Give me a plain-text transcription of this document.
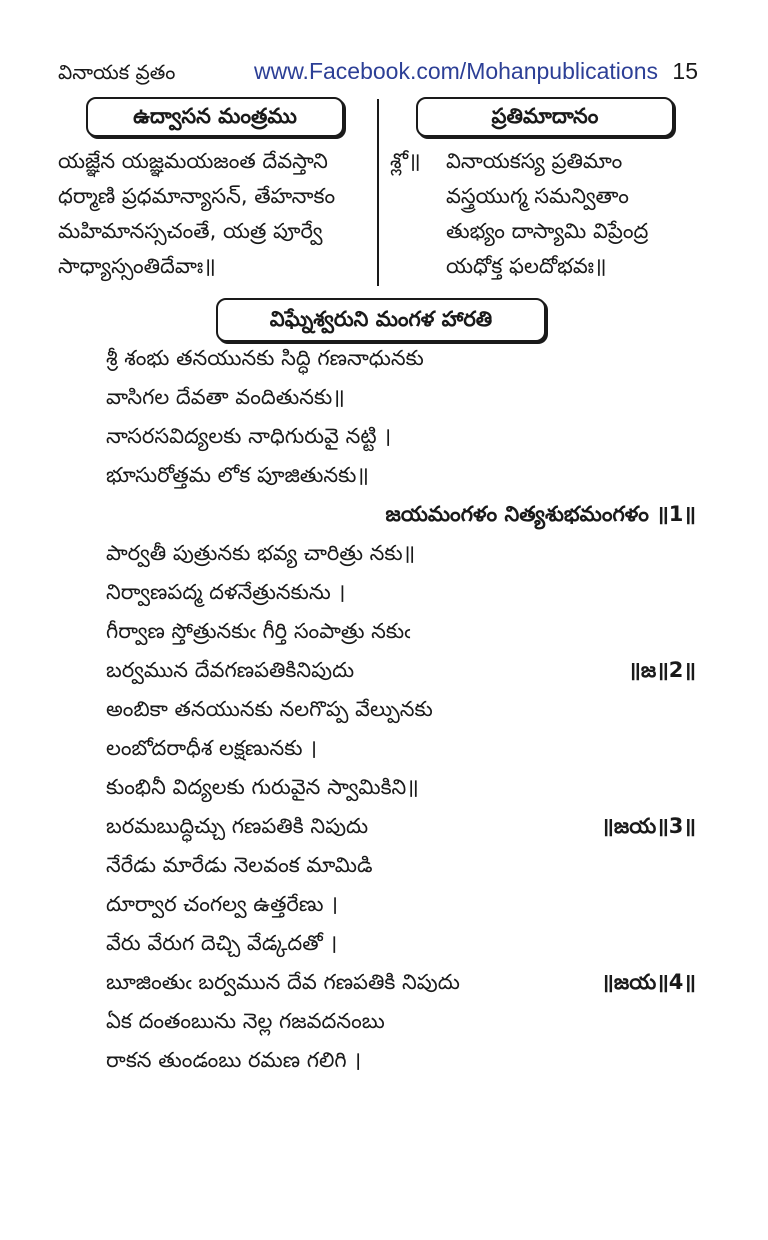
వినాయక వ్రతం	www.Facebook.com/Mohanpublications 15
ఉద్వాసన మంత్రము	ప్రతిమాదానం
యజ్ఞేన యజ్ఞమయజంత దేవస్తాని
ధర్మాణి ప్రధమాన్యాసన్, తేహనాకం
మహిమానస్సచంతే, యత్ర పూర్వే
సాధ్యాస్సంతిదేవాః॥
శ్లో॥ వినాయకస్య ప్రతిమాం
వస్త్రయుగ్మ సమన్వితాం
తుభ్యం దాస్యామి విప్రేంద్ర
యధోక్త ఫలదోభవః॥
విఘ్నేశ్వరుని మంగళ హారతి
శ్రీ శంభు తనయునకు సిద్ధి గణనాధునకు
వాసిగల దేవతా వందితునకు॥
నాసరసవిద్యలకు నాధిగురువై నట్టి ।
భూసురోత్తమ లోక పూజితునకు॥
జయమంగళం నిత్యశుభమంగళం ॥1॥
పార్వతీ పుత్రునకు భవ్య చారిత్రు నకు॥
నిర్వాణపద్మ దళనేత్రునకును ।
గీర్వాణ స్తోత్రునకుఁ గీర్తి సంపాత్రు నకుఁ
బర్వమున దేవగణపతికినిపుదు	॥జ॥2॥
అంబికా తనయునకు నలగొప్ప వేల్పునకు
లంబోదరాధీశ లక్షణునకు ।
కుంభినీ విద్యలకు గురువైన స్వామికిని॥
బరమబుద్ధిచ్చు గణపతికి నిపుదు	॥జయ॥3॥
నేరేడు మారేడు నెలవంక మామిడి
దూర్వార చంగల్వ ఉత్తరేణు ।
వేరు వేరుగ దెచ్చి వేడ్కదతో ।
బూజింతుఁ బర్వమున దేవ గణపతికి నిపుదు	॥జయ॥4॥
ఏక దంతంబును నెల్ల గజవదనంబు
రాకన తుండంబు రమణ గలిగి ।
